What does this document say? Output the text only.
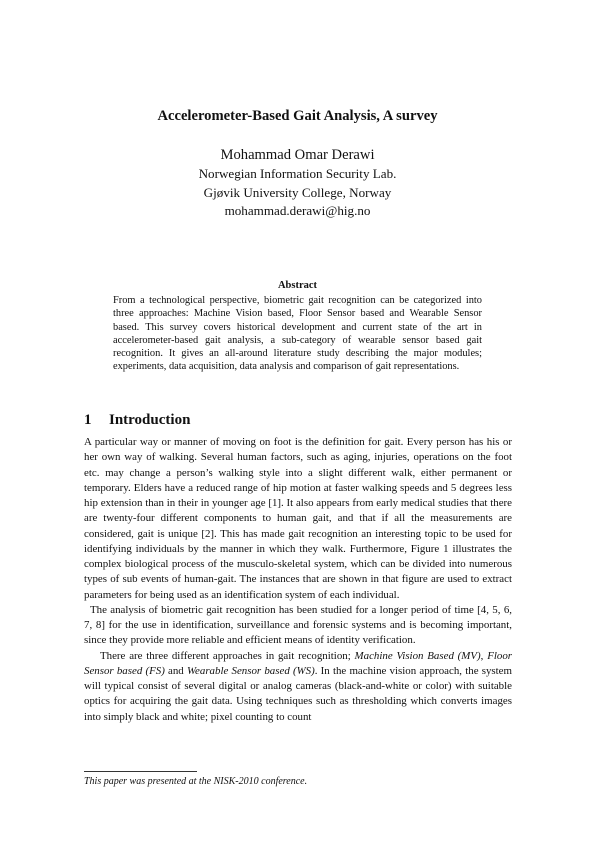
Accelerometer-Based Gait Analysis, A survey
Mohammad Omar Derawi
Norwegian Information Security Lab.
Gjøvik University College, Norway
mohammad.derawi@hig.no
Abstract

From a technological perspective, biometric gait recognition can be categorized into three approaches: Machine Vision based, Floor Sensor based and Wearable Sensor based. This survey covers historical development and current state of the art in accelerometer-based gait analysis, a sub-category of wearable sensor based gait recognition. It gives an all-around literature study describing the major modules; experiments, data acquisition, data analysis and comparison of gait representations.

1 Introduction

A particular way or manner of moving on foot is the definition for gait. Every person has his or her own way of walking. Several human factors, such as aging, injuries, operations on the foot etc. may change a person’s walking style into a slight different walk, either permanent or temporary. Elders have a reduced range of hip motion at faster walking speeds and 5 degrees less hip extension than in their in younger age [1]. It also appears from early medical studies that there are twenty-four different components to human gait, and that if all the measurements are considered, gait is unique [2]. This has made gait recognition an interesting topic to be used for identifying individuals by the manner in which they walk. Furthermore, Figure 1 illustrates the complex biological process of the musculo-skeletal system, which can be divided into numerous types of sub events of human-gait. The instances that are shown in that figure are used to extract parameters for being used as an identification system of each individual.

The analysis of biometric gait recognition has been studied for a longer period of time [4, 5, 6, 7, 8] for the use in identification, surveillance and forensic systems and is becoming important, since they provide more reliable and efficient means of identity verification.

There are three different approaches in gait recognition; Machine Vision Based (MV), Floor Sensor based (FS) and Wearable Sensor based (WS). In the machine vision approach, the system will typical consist of several digital or analog cameras (black-and-white or color) with suitable optics for acquiring the gait data. Using techniques such as thresholding which converts images into simply black and white; pixel counting to count

This paper was presented at the NISK-2010 conference.
